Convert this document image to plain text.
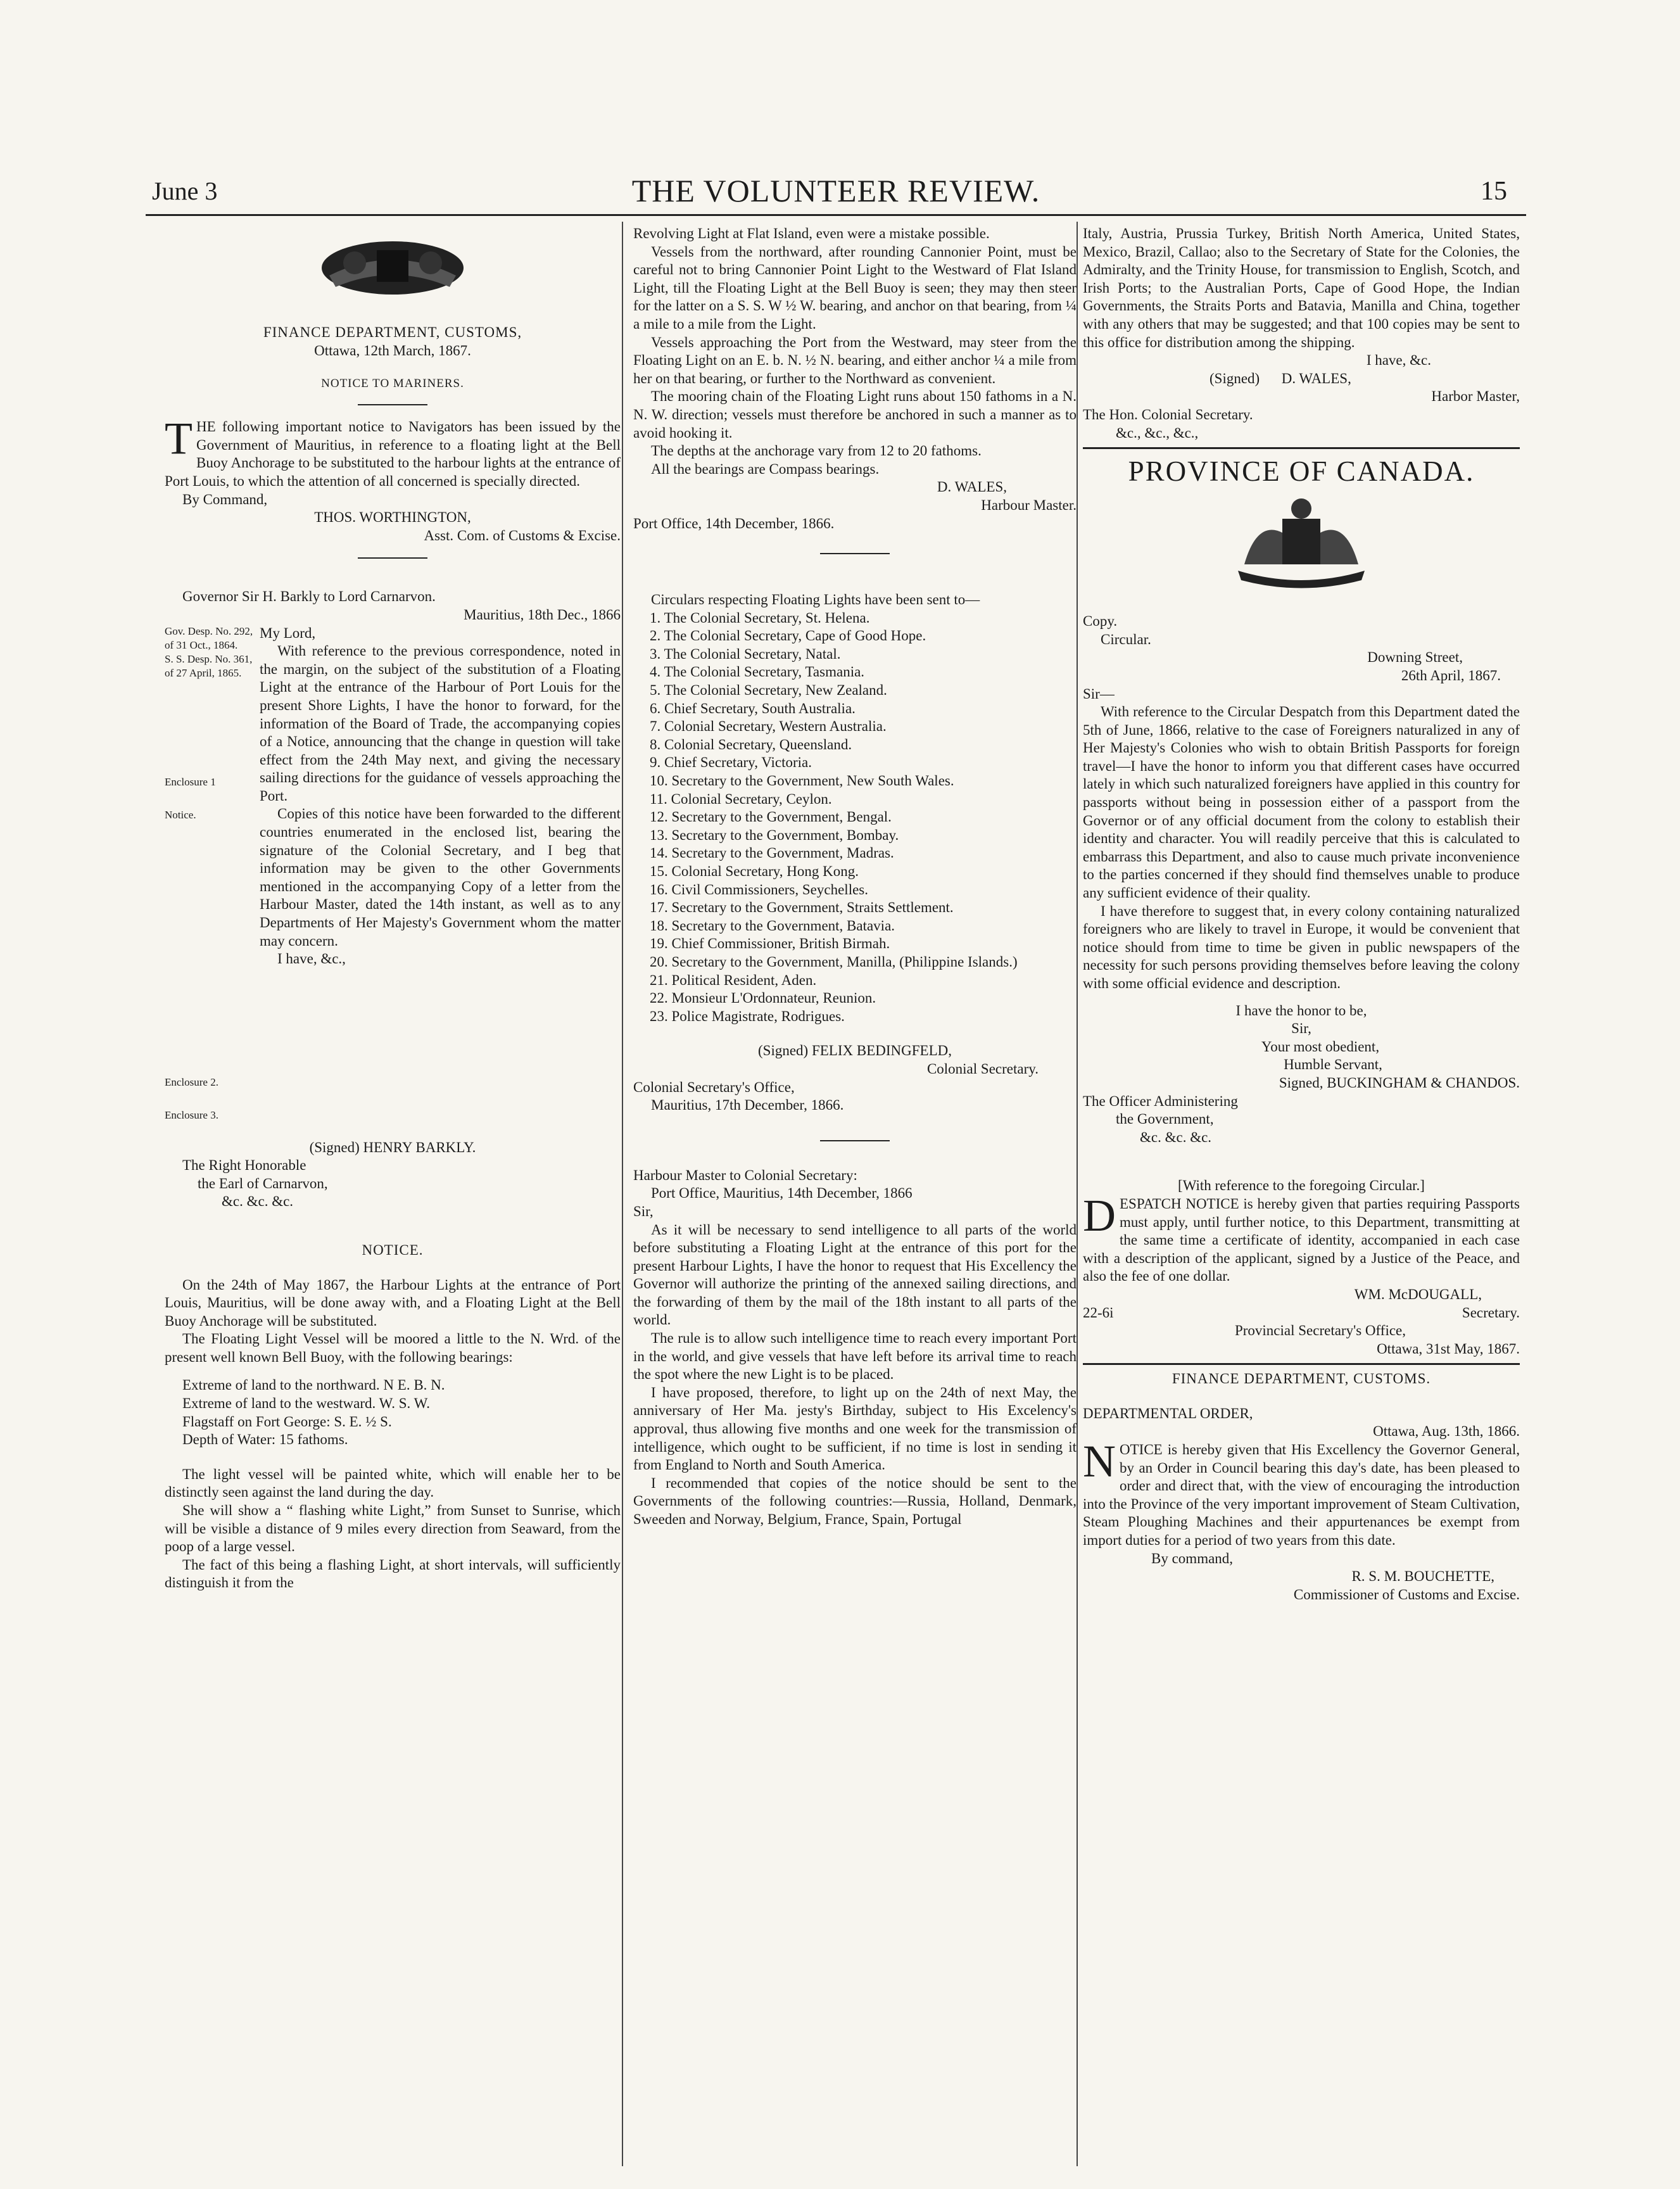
June 3	THE VOLUNTEER REVIEW.	15

FINANCE DEPARTMENT, CUSTOMS,

Ottawa, 12th March, 1867.

NOTICE TO MARINERS.

THE following important notice to Navigators has been issued by the Government of Mauritius, in reference to a floating light at the Bell Buoy Anchorage to be substituted to the harbour lights at the entrance of Port Louis, to which the attention of all concerned is specially directed.

By Command,

THOS. WORTHINGTON,

Asst. Com. of Customs & Excise.

Governor Sir H. Barkly to Lord Carnarvon.

Mauritius, 18th Dec., 1866

Gov. Desp. No. 292, of 31 Oct., 1864.
S. S. Desp. No. 361, of 27 April, 1865.
Enclosure 1
Notice.
Enclosure 2.
Enclosure 3.

My Lord,

With reference to the previous correspondence, noted in the margin, on the subject of the substitution of a Floating Light at the entrance of the Harbour of Port Louis for the present Shore Lights, I have the honor to forward, for the information of the Board of Trade, the accompanying copies of a Notice, announcing that the change in question will take effect from the 24th May next, and giving the necessary sailing directions for the guidance of vessels approaching the Port.

Copies of this notice have been forwarded to the different countries enumerated in the enclosed list, bearing the signature of the Colonial Secretary, and I beg that information may be given to the other Governments mentioned in the accompanying Copy of a letter from the Harbour Master, dated the 14th instant, as well as to any Departments of Her Majesty's Government whom the matter may concern.

I have, &c.,

(Signed) HENRY BARKLY.

The Right Honorable

the Earl of Carnarvon,

&c. &c. &c.

NOTICE.

On the 24th of May 1867, the Harbour Lights at the entrance of Port Louis, Mauritius, will be done away with, and a Floating Light at the Bell Buoy Anchorage will be substituted.

The Floating Light Vessel will be moored a little to the N. Wrd. of the present well known Bell Buoy, with the following bearings:

Extreme of land to the northward. N E. B. N.

Extreme of land to the westward. W. S. W.

Flagstaff on Fort George: S. E. ½ S.

Depth of Water: 15 fathoms.

The light vessel will be painted white, which will enable her to be distinctly seen against the land during the day.

She will show a “ flashing white Light,” from Sunset to Sunrise, which will be visible a distance of 9 miles every direction from Seaward, from the poop of a large vessel.

The fact of this being a flashing Light, at short intervals, will sufficiently distinguish it from the

Revolving Light at Flat Island, even were a mistake possible.

Vessels from the northward, after rounding Cannonier Point, must be careful not to bring Cannonier Point Light to the Westward of Flat Island Light, till the Floating Light at the Bell Buoy is seen; they may then steer for the latter on a S. S. W ½ W. bearing, and anchor on that bearing, from ¼ a mile to a mile from the Light.

Vessels approaching the Port from the Westward, may steer from the Floating Light on an E. b. N. ½ N. bearing, and either anchor ¼ a mile from her on that bearing, or further to the Northward as convenient.

The mooring chain of the Floating Light runs about 150 fathoms in a N. N. W. direction; vessels must therefore be anchored in such a manner as to avoid hooking it.

The depths at the anchorage vary from 12 to 20 fathoms.

All the bearings are Compass bearings.

D. WALES,

Harbour Master.

Port Office, 14th December, 1866.

Circulars respecting Floating Lights have been sent to—

1. The Colonial Secretary, St. Helena.

2. The Colonial Secretary, Cape of Good Hope.

3. The Colonial Secretary, Natal.

4. The Colonial Secretary, Tasmania.

5. The Colonial Secretary, New Zealand.

6. Chief Secretary, South Australia.

7. Colonial Secretary, Western Australia.

8. Colonial Secretary, Queensland.

9. Chief Secretary, Victoria.

10. Secretary to the Government, New South Wales.

11. Colonial Secretary, Ceylon.

12. Secretary to the Government, Bengal.

13. Secretary to the Government, Bombay.

14. Secretary to the Government, Madras.

15. Colonial Secretary, Hong Kong.

16. Civil Commissioners, Seychelles.

17. Secretary to the Government, Straits Settlement.

18. Secretary to the Government, Batavia.

19. Chief Commissioner, British Birmah.

20. Secretary to the Government, Manilla, (Philippine Islands.)

21. Political Resident, Aden.

22. Monsieur L'Ordonnateur, Reunion.

23. Police Magistrate, Rodrigues.

(Signed) FELIX BEDINGFELD,

Colonial Secretary.

Colonial Secretary's Office,

Mauritius, 17th December, 1866.

Harbour Master to Colonial Secretary:

Port Office, Mauritius, 14th December, 1866

Sir,

As it will be necessary to send intelligence to all parts of the world before substituting a Floating Light at the entrance of this port for the present Harbour Lights, I have the honor to request that His Excellency the Governor will authorize the printing of the annexed sailing directions, and the forwarding of them by the mail of the 18th instant to all parts of the world.

The rule is to allow such intelligence time to reach every important Port in the world, and give vessels that have left before its arrival time to reach the spot where the new Light is to be placed.

I have proposed, therefore, to light up on the 24th of next May, the anniversary of Her Ma. jesty's Birthday, subject to His Excelency's approval, thus allowing five months and one week for the transmission of intelligence, which ought to be sufficient, if no time is lost in sending it from England to North and South America.

I recommended that copies of the notice should be sent to the Governments of the following countries:—Russia, Holland, Denmark, Sweeden and Norway, Belgium, France, Spain, Portugal

Italy, Austria, Prussia Turkey, British North America, United States, Mexico, Brazil, Callao; also to the Secretary of State for the Colonies, the Admiralty, and the Trinity House, for transmission to English, Scotch, and Irish Ports; to the Australian Ports, Cape of Good Hope, the Indian Governments, the Straits Ports and Batavia, Manilla and China, together with any others that may be suggested; and that 100 copies may be sent to this office for distribution among the shipping.

I have, &c.

(Signed) D. WALES,

Harbor Master,

The Hon. Colonial Secretary.

&c., &c., &c.,

PROVINCE OF CANADA.

Copy.

Circular.

Downing Street,

26th April, 1867.

Sir—

With reference to the Circular Despatch from this Department dated the 5th of June, 1866, relative to the case of Foreigners naturalized in any of Her Majesty's Colonies who wish to obtain British Passports for foreign travel—I have the honor to inform you that different cases have occurred lately in which such naturalized foreigners have applied in this country for passports without being in possession either of a passport from the Governor or of any official document from the colony to establish their identity and character. You will readily perceive that this is calculated to embarrass this Department, and also to cause much private inconvenience to the parties concerned if they should find themselves unable to produce any sufficient evidence of their quality.

I have therefore to suggest that, in every colony containing naturalized foreigners who are likely to travel in Europe, it would be convenient that notice should from time to time be given in public newspapers of the necessity for such persons providing themselves before leaving the colony with some official evidence and description.

I have the honor to be,

Sir,

Your most obedient,

Humble Servant,

Signed, BUCKINGHAM & CHANDOS.

The Officer Administering

the Government,

&c. &c. &c.

[With reference to the foregoing Circular.]

DESPATCH NOTICE is hereby given that parties requiring Passports must apply, until further notice, to this Department, transmitting at the same time a certificate of identity, accompanied in each case with a description of the applicant, signed by a Justice of the Peace, and also the fee of one dollar.

WM. McDOUGALL,

22-6i	Secretary.

Provincial Secretary's Office,

Ottawa, 31st May, 1867.

FINANCE DEPARTMENT, CUSTOMS.

DEPARTMENTAL ORDER,

Ottawa, Aug. 13th, 1866.

NOTICE is hereby given that His Excellency the Governor General, by an Order in Council bearing this day's date, has been pleased to order and direct that, with the view of encouraging the introduction into the Province of the very important improvement of Steam Cultivation, Steam Ploughing Machines and their appurtenances be exempt from import duties for a period of two years from this date.

By command,

R. S. M. BOUCHETTE,

Commissioner of Customs and Excise.
